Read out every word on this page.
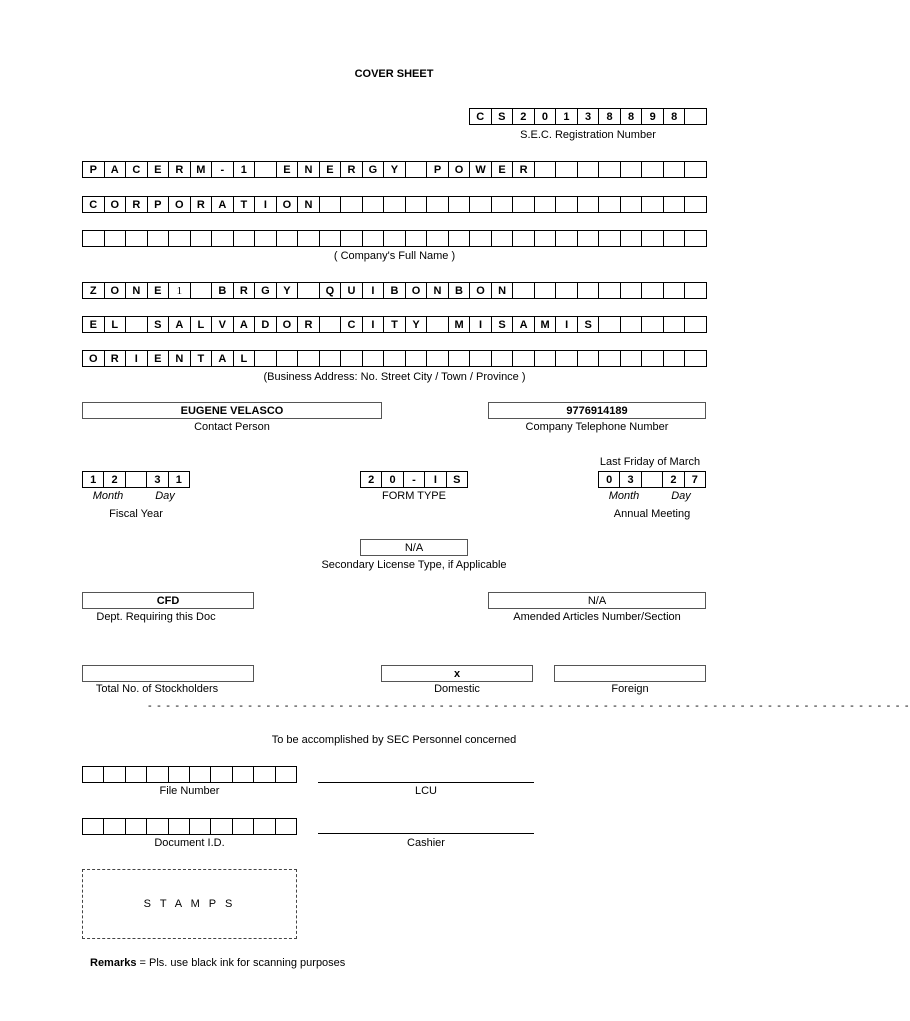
COVER SHEET
C	S	2	0	1	3	8	8	9	8
S.E.C. Registration Number
P	A	C	E	R	M	-	1	E	N	E	R	G	Y	P	O	W	E	R
C	O	R	P	O	R	A	T	I	O	N
( Company's Full Name )
Z	O	N	E	1	B	R	G	Y	Q	U	I	B	O	N	B	O	N
E	L	S	A	L	V	A	D	O	R	C	I	T	Y	M	I	S	A	M	I	S
O	R	I	E	N	T	A	L
(Business Address: No. Street City / Town / Province )
EUGENE VELASCO
Contact Person
9776914189
Company Telephone Number
1	2	3	1
Month	Day
Fiscal Year
2	0	-	I	S
FORM TYPE
Last Friday of March
0	3	2	7
Month	Day
Annual Meeting
N/A
Secondary License Type, if Applicable
CFD
Dept. Requiring this Doc
N/A
Amended Articles Number/Section
Total No. of Stockholders
x
Domestic	Foreign
- - - - - - - - - - - - - - - - - - - - - - - - - - - - - - - - - - - - - - - - - - - - - - - - - - - - - - - - - - - - - - - - - - - - - - - - - - - - - - - - - - - -
To be accomplished by SEC Personnel concerned
File Number	LCU
Document I.D.	Cashier
S T A M P S
Remarks = Pls. use black ink for scanning purposes
